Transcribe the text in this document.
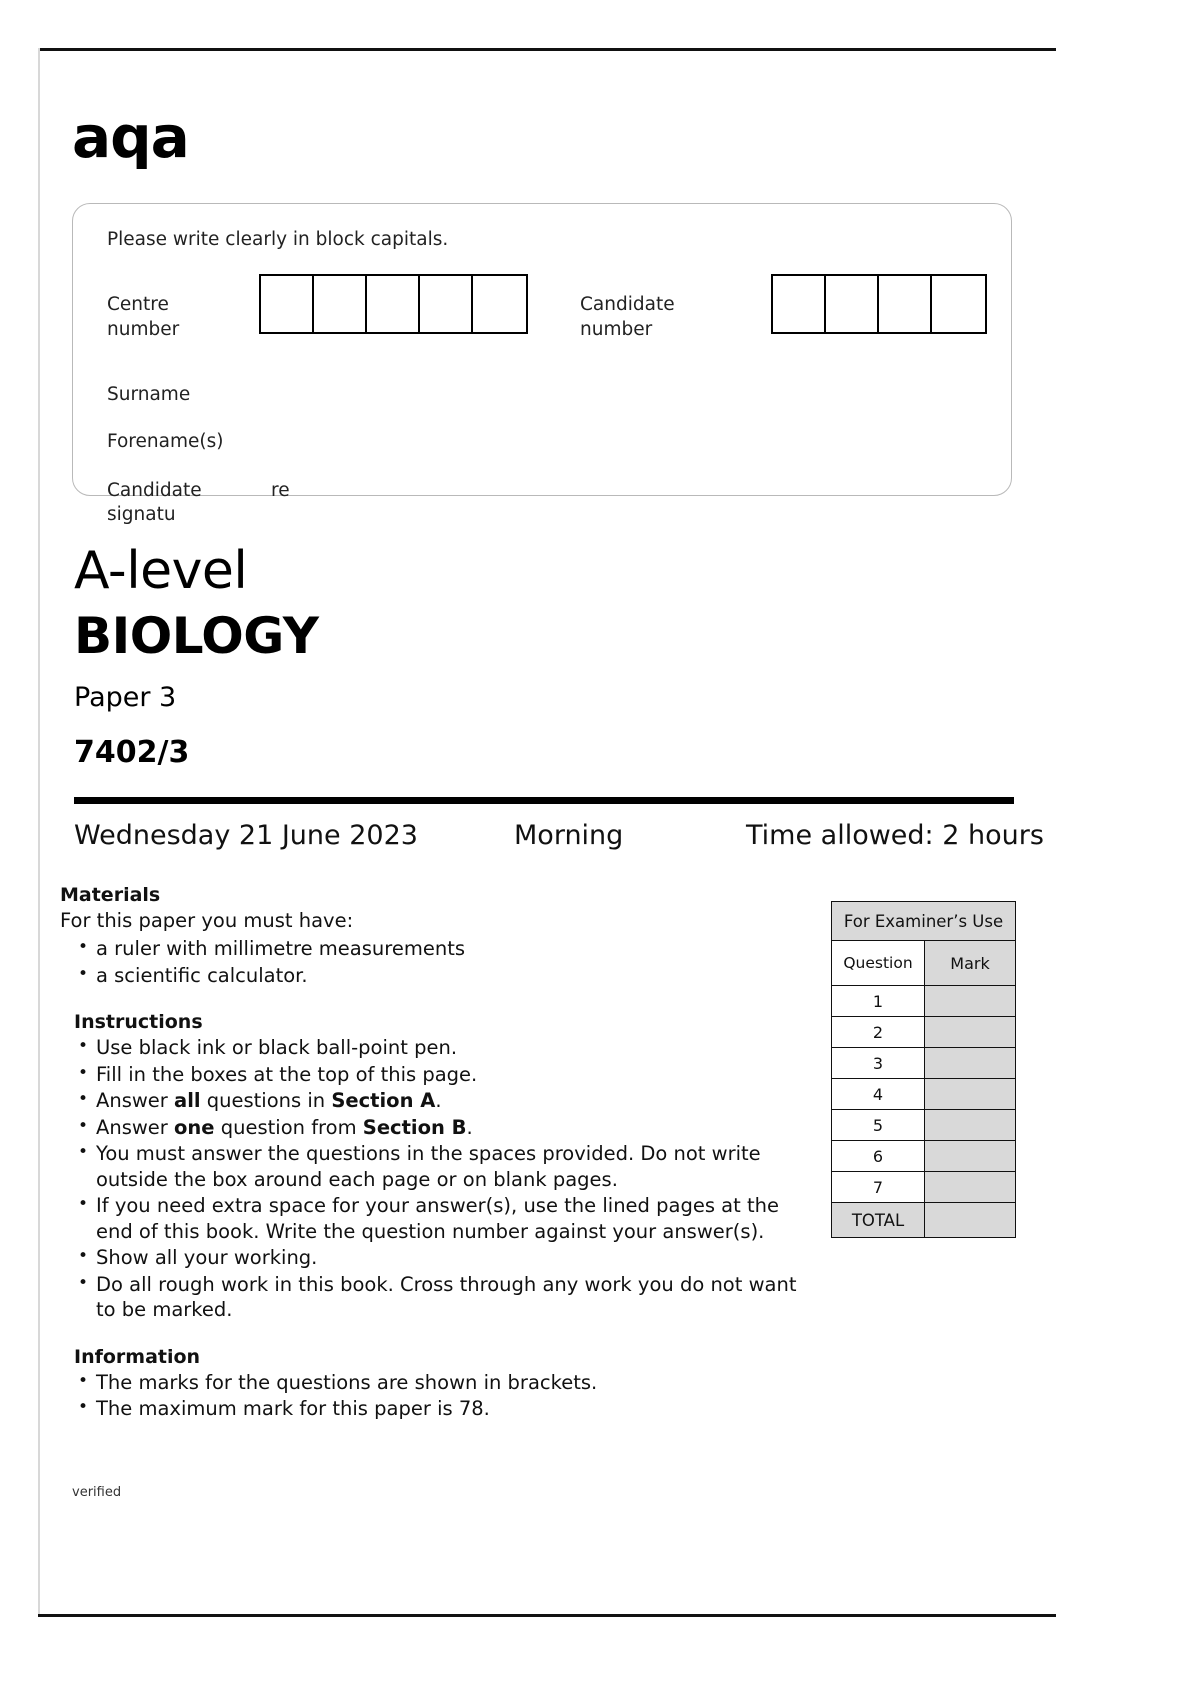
aqa
Please write clearly in block capitals.
Centre
number
Candidate
number
Surname
Forename(s)
Candidate	re
signatu
A-level
BIOLOGY
Paper 3
7402/3
Wednesday 21 June 2023	Morning	Time allowed: 2 hours
Materials
For this paper you must have:
• a ruler with millimetre measurements
• a scientific calculator.
Instructions
• Use black ink or black ball-point pen.
• Fill in the boxes at the top of this page.
• Answer all questions in Section A.
• Answer one question from Section B.
• You must answer the questions in the spaces provided. Do not write outside the box around each page or on blank pages.
• If you need extra space for your answer(s), use the lined pages at the end of this book. Write the question number against your answer(s).
• Show all your working.
• Do all rough work in this book. Cross through any work you do not want to be marked.
Information
• The marks for the questions are shown in brackets.
• The maximum mark for this paper is 78.
For Examiner’s Use	
Question	Mark
1	
2	
3	
4	
5	
6	
7	
TOTAL	
verified
